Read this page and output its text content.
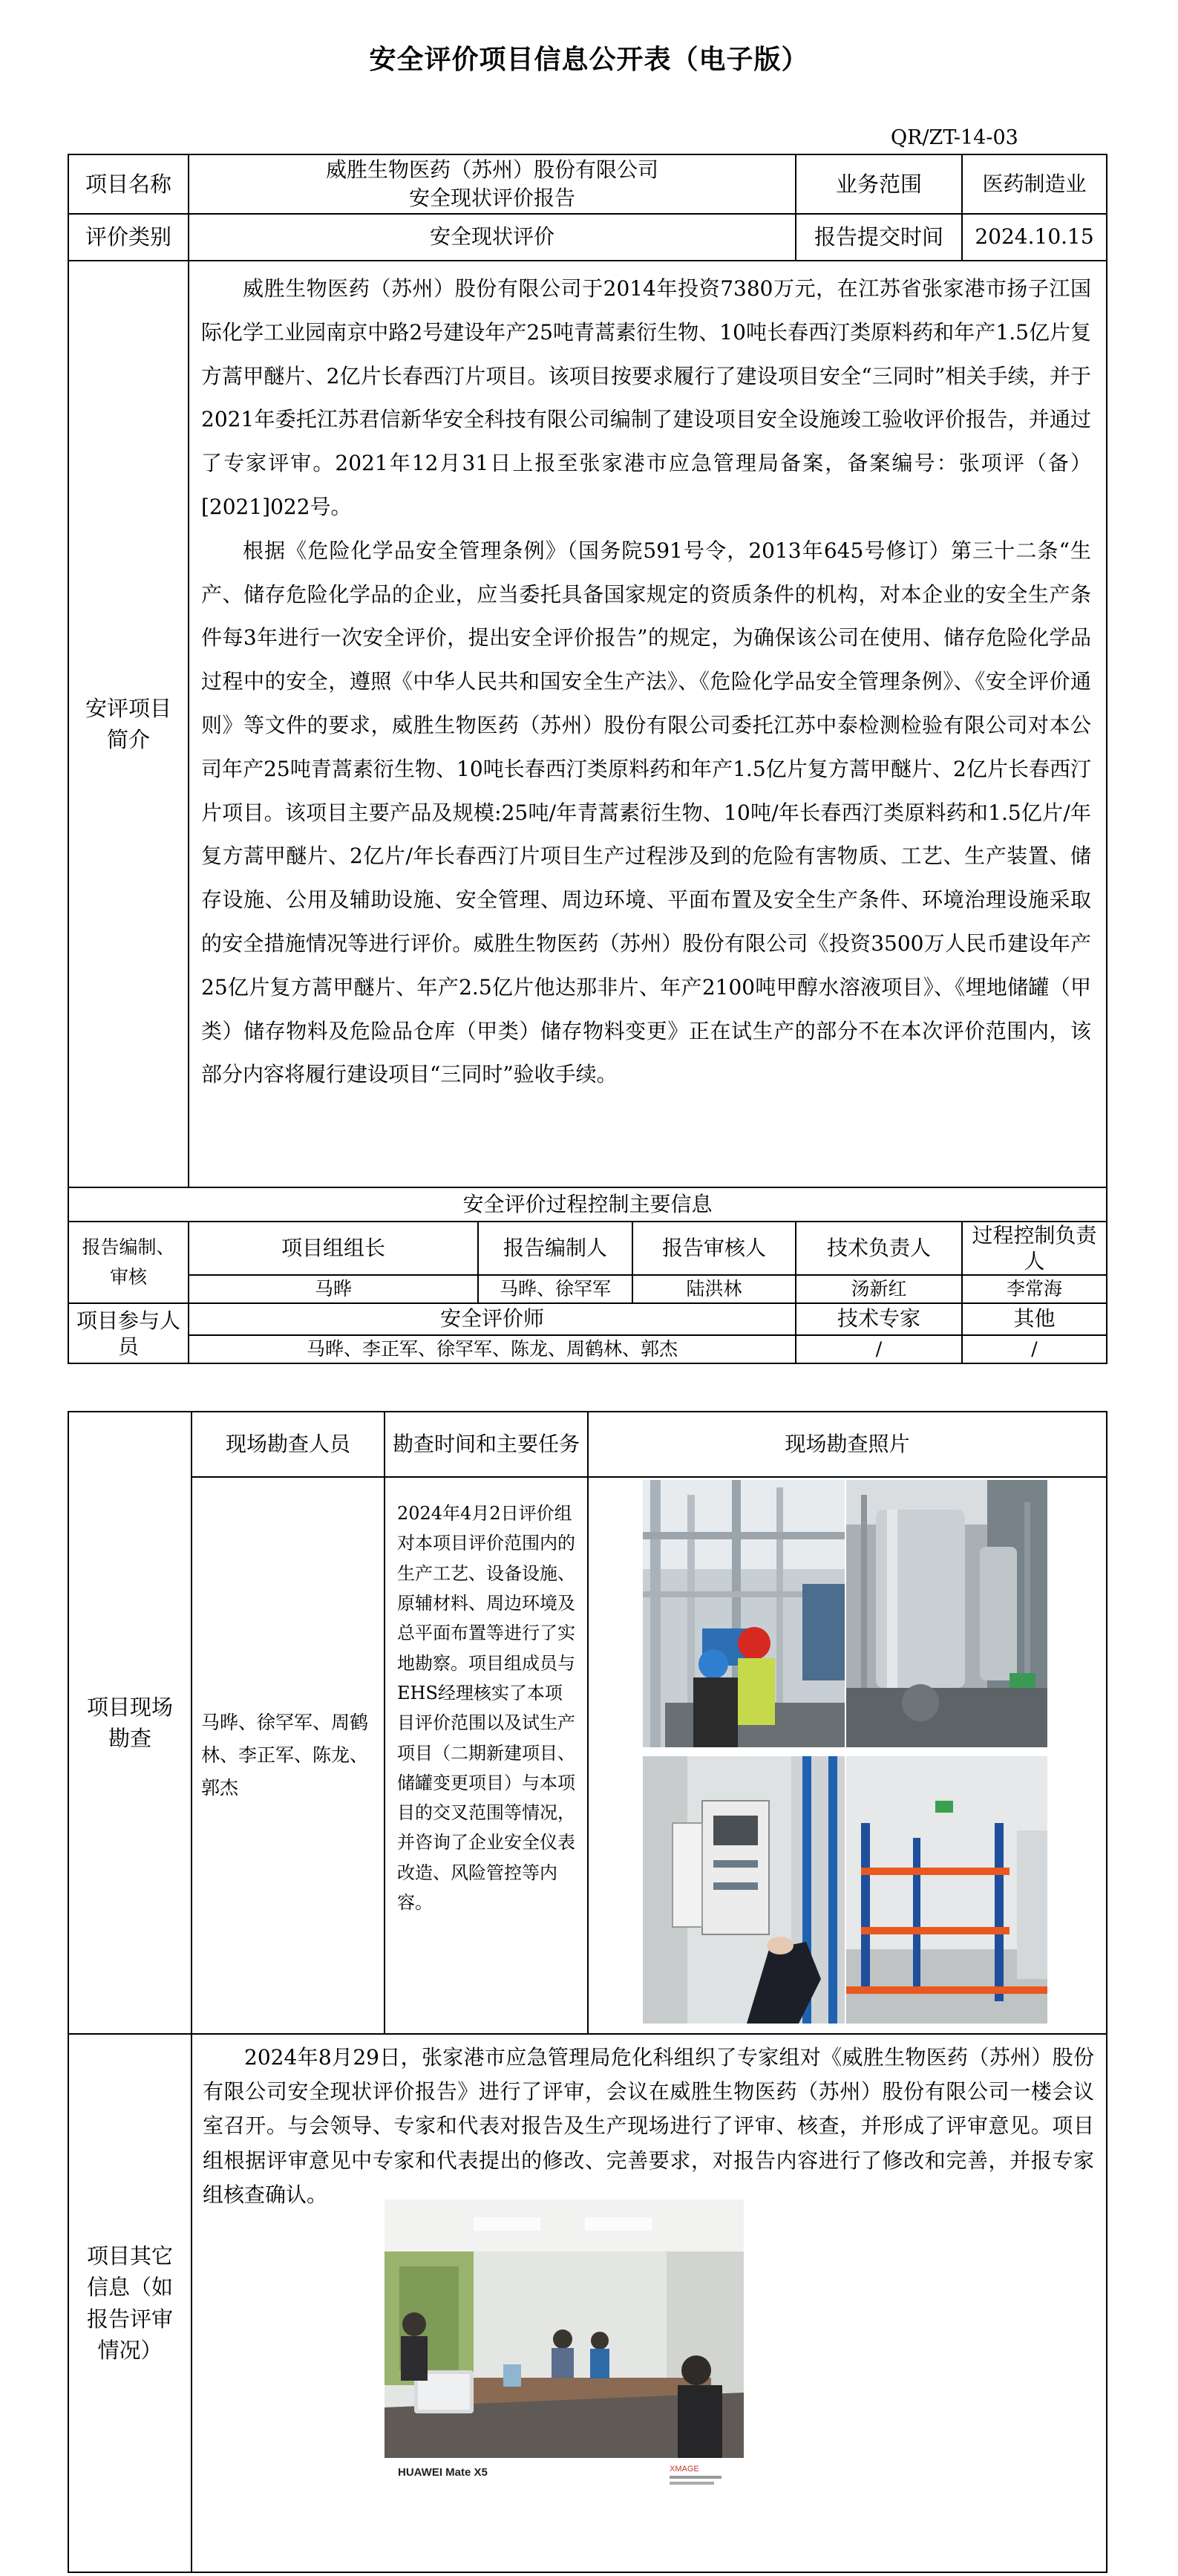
安全评价项目信息公开表（电子版）
QR/ZT-14-03
项目名称	威胜生物医药（苏州）股份有限公司
安全现状评价报告			业务范围	医药制造业
评价类别	安全现状评价			报告提交时间	2024.10.15
安评项目简介	威胜生物医药（苏州）股份有限公司于2014年投资7380万元，在江苏省张家港市扬子江国际化学工业园南京中路2号建设年产25吨青蒿素衍生物、10吨长春西汀类原料药和年产1.5亿片复方蒿甲醚片、2亿片长春西汀片项目。该项目按要求履行了建设项目安全“三同时”相关手续，并于2021年委托江苏君信新华安全科技有限公司编制了建设项目安全设施竣工验收评价报告，并通过了专家评审。2021年12月31日上报至张家港市应急管理局备案，备案编号：张项评（备）[2021]022号。

根据《危险化学品安全管理条例》（国务院591号令，2013年645号修订）第三十二条“生产、储存危险化学品的企业，应当委托具备国家规定的资质条件的机构，对本企业的安全生产条件每3年进行一次安全评价，提出安全评价报告”的规定，为确保该公司在使用、储存危险化学品过程中的安全，遵照《中华人民共和国安全生产法》、《危险化学品安全管理条例》、《安全评价通则》等文件的要求，威胜生物医药（苏州）股份有限公司委托江苏中泰检测检验有限公司对本公司年产25吨青蒿素衍生物、10吨长春西汀类原料药和年产1.5亿片复方蒿甲醚片、2亿片长春西汀片项目。该项目主要产品及规模:25吨/年青蒿素衍生物、10吨/年长春西汀类原料药和1.5亿片/年复方蒿甲醚片、2亿片/年长春西汀片项目生产过程涉及到的危险有害物质、工艺、生产装置、储存设施、公用及辅助设施、安全管理、周边环境、平面布置及安全生产条件、环境治理设施采取的安全措施情况等进行评价。威胜生物医药（苏州）股份有限公司《投资3500万人民币建设年产25亿片复方蒿甲醚片、年产2.5亿片他达那非片、年产2100吨甲醇水溶液项目》、《埋地储罐（甲类）储存物料及危险品仓库（甲类）储存物料变更》正在试生产的部分不在本次评价范围内，该部分内容将履行建设项目“三同时”验收手续。				

安全评价过程控制主要信息					
报告编制、审核	项目组组长	报告编制人	报告审核人	技术负责人	过程控制负责人
	马晔	马晔、徐罕军	陆洪林	汤新红	李常海
项目参与人员	安全评价师			技术专家	其他
	马晔、李正军、徐罕军、陈龙、周鹤林、郭杰			/	/
项目现场勘查	现场勘查人员	勘查时间和主要任务	现场勘查照片
	马晔、徐罕军、周鹤林、李正军、陈龙、郭杰	2024年4月2日评价组对本项目评价范围内的生产工艺、设备设施、原辅材料、周边环境及总平面布置等进行了实地勘察。项目组成员与EHS经理核实了本项目评价范围以及试生产项目（二期新建项目、储罐变更项目）与本项目的交叉范围等情况，并咨询了企业安全仪表改造、风险管控等内容。	
项目其它信息（如报告评审情况）	2024年8月29日，张家港市应急管理局危化科组织了专家组对《威胜生物医药（苏州）股份有限公司安全现状评价报告》进行了评审，会议在威胜生物医药（苏州）股份有限公司一楼会议室召开。与会领导、专家和代表对报告及生产现场进行了评审、核查，并形成了评审意见。项目组根据评审意见中专家和代表提出的修改、完善要求，对报告内容进行了修改和完善，并报专家组核查确认。		

HUAWEI Mate X5	XMAGE
